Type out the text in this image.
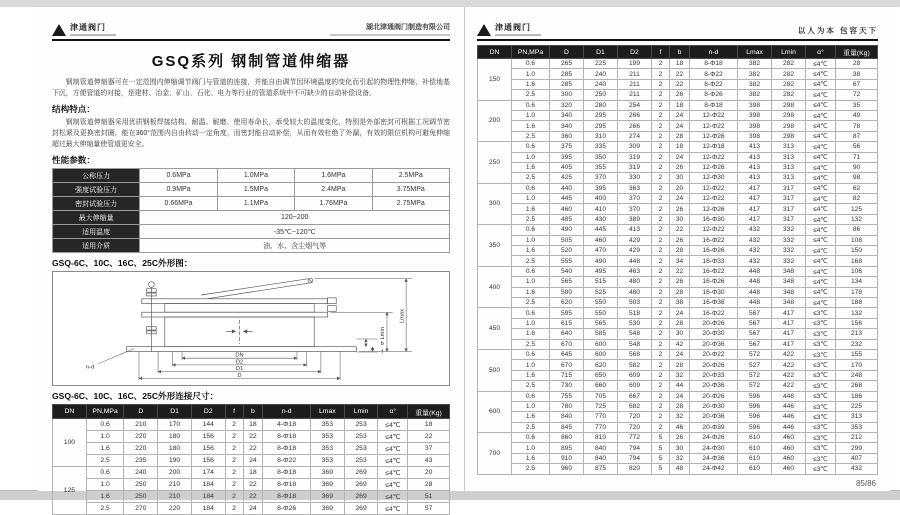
津通阀门	湖北津通阀门制造有限公司
GSQ系列 钢制管道伸缩器
钢制管道伸缩器可在一定范围内伸缩调节阀门与管道的连接，并能自由调节因环境温度的变化而引起的物理性伸缩，补偿地基下沉，方便管道的对接，是建材、冶金、矿山、石化、电力等行业的管道系统中不可缺少的自动补偿设备。
结构特点：
钢制管道伸缩器采用优质钢板焊接结构，耐温、耐磨、使用寿命长，承受较大的温度变化，特别是外部密封可根据工况调节密封松紧及更换密封圈，能在360°范围内自由转动一定角度，而密封能自动补偿，从而有效杜绝了外漏，有效的限位机构可避免伸缩超过最大伸缩量使管道更安全。
性能参数：
公称压力	0.6MPa	1.0MPa	1.6MPa	2.5MPa
强度试验压力	0.9MPa	1.5MPa	2.4MPa	3.75MPa
密封试验压力	0.66MPa	1.1MPa	1.76MPa	2.75MPa
最大伸缩量	120~200			
适用温度	-35℃~120℃			
适用介质	油、水、含尘烟气等			
GSQ-6C、10C、16C、25C外形图：
n-d
b
f
Lmin
Lmax
DN
D2
D1
D
GSQ-6C、10C、16C、25C外形连接尺寸：
DN	PN,MPa	D	D1	D2	f	b	n-d	Lmax	Lmin	α°	重量(Kg)
100	0.6	210	170	144	2	18	4-Φ18	353	253	≤4℃	18
	1.0	220	180	156	2	22	8-Φ18	353	253	≤4℃	22
	1.6	220	180	156	2	22	8-Φ18	353	253	≤4℃	37
	2.5	235	190	156	2	24	8-Φ22	353	253	≤4℃	43
125	0.6	240	200	174	2	18	8-Φ18	369	269	≤4℃	20
	1.0	250	210	184	2	22	8-Φ18	369	269	≤4℃	28
	1.6	250	210	184	2	22	8-Φ18	369	269	≤4℃	51
	2.5	270	220	184	2	24	8-Φ26	369	269	≤4℃	57
津通阀门	以人为本 包容天下
DN	PN,MPa	D	D1	D2	f	b	n-d	Lmax	Lmin	α°	重量(Kg)
150	0.6	265	225	199	2	18	8-Φ18	382	282	≤4℃	28
	1.0	285	240	211	2	22	8-Φ22	382	282	≤4℃	38
	1.6	285	240	211	2	22	8-Φ22	382	282	≤4℃	67
	2.5	300	250	211	2	26	8-Φ26	382	282	≤4℃	72
200	0.6	320	280	254	2	18	8-Φ18	398	298	≤4℃	35
	1.0	340	295	266	2	24	12-Φ22	398	298	≤4℃	49
	1.6	340	295	266	2	24	12-Φ22	398	298	≤4℃	78
	2.5	360	310	274	2	28	12-Φ26	398	298	≤4℃	87
250	0.6	375	335	309	2	18	12-Φ18	413	313	≤4℃	56
	1.0	395	350	319	2	24	12-Φ22	413	313	≤4℃	71
	1.6	405	355	319	2	26	12-Φ26	413	313	≤4℃	90
	2.5	425	370	330	2	30	12-Φ30	413	313	≤4℃	98
300	0.6	440	395	363	2	20	12-Φ22	417	317	≤4℃	62
	1.0	445	400	370	2	24	12-Φ22	417	317	≤4℃	82
	1.6	460	410	370	2	26	12-Φ26	417	317	≤4℃	125
	2.5	485	430	389	2	30	16-Φ30	417	317	≤4℃	132
350	0.6	490	445	413	2	22	12-Φ22	432	332	≤4℃	86
	1.0	505	460	429	2	26	16-Φ22	432	332	≤4℃	108
	1.6	520	470	429	2	28	16-Φ26	432	332	≤4℃	150
	2.5	555	490	448	2	34	16-Φ33	432	332	≤4℃	168
400	0.6	540	495	463	2	22	16-Φ22	448	348	≤4℃	106
	1.0	565	515	480	2	26	16-Φ26	448	348	≤4℃	134
	1.6	580	525	480	2	28	16-Φ30	448	348	≤4℃	178
	2.5	620	550	503	2	38	16-Φ36	448	348	≤4℃	188
450	0.6	595	550	518	2	24	16-Φ22	567	417	≤3℃	132
	1.0	615	565	530	2	28	20-Φ26	567	417	≤3℃	156
	1.6	640	585	548	2	30	20-Φ30	567	417	≤3℃	213
	2.5	670	600	548	2	42	20-Φ36	567	417	≤3℃	232
500	0.6	645	600	568	2	24	20-Φ22	572	422	≤3℃	155
	1.0	670	620	582	2	28	20-Φ26	527	422	≤3℃	170
	1.6	715	650	609	2	32	20-Φ33	572	422	≤3℃	248
	2.5	730	660	609	2	44	20-Φ36	572	422	≤3℃	268
600	0.6	755	705	667	2	24	20-Φ26	596	446	≤3℃	186
	1.0	780	725	682	2	28	20-Φ30	596	446	≤3℃	225
	1.6	840	770	720	2	32	20-Φ36	596	446	≤3℃	313
	2.5	845	770	720	2	46	20-Φ39	596	446	≤3℃	353
700	0.6	860	810	772	5	26	24-Φ26	610	460	≤3℃	212
	1.0	895	840	794	5	30	24-Φ30	610	460	≤3℃	299
	1.6	910	840	794	5	32	24-Φ36	610	460	≤3℃	407
	2.5	960	875	820	5	48	24-Φ42	610	460	≤3℃	432
85/86
